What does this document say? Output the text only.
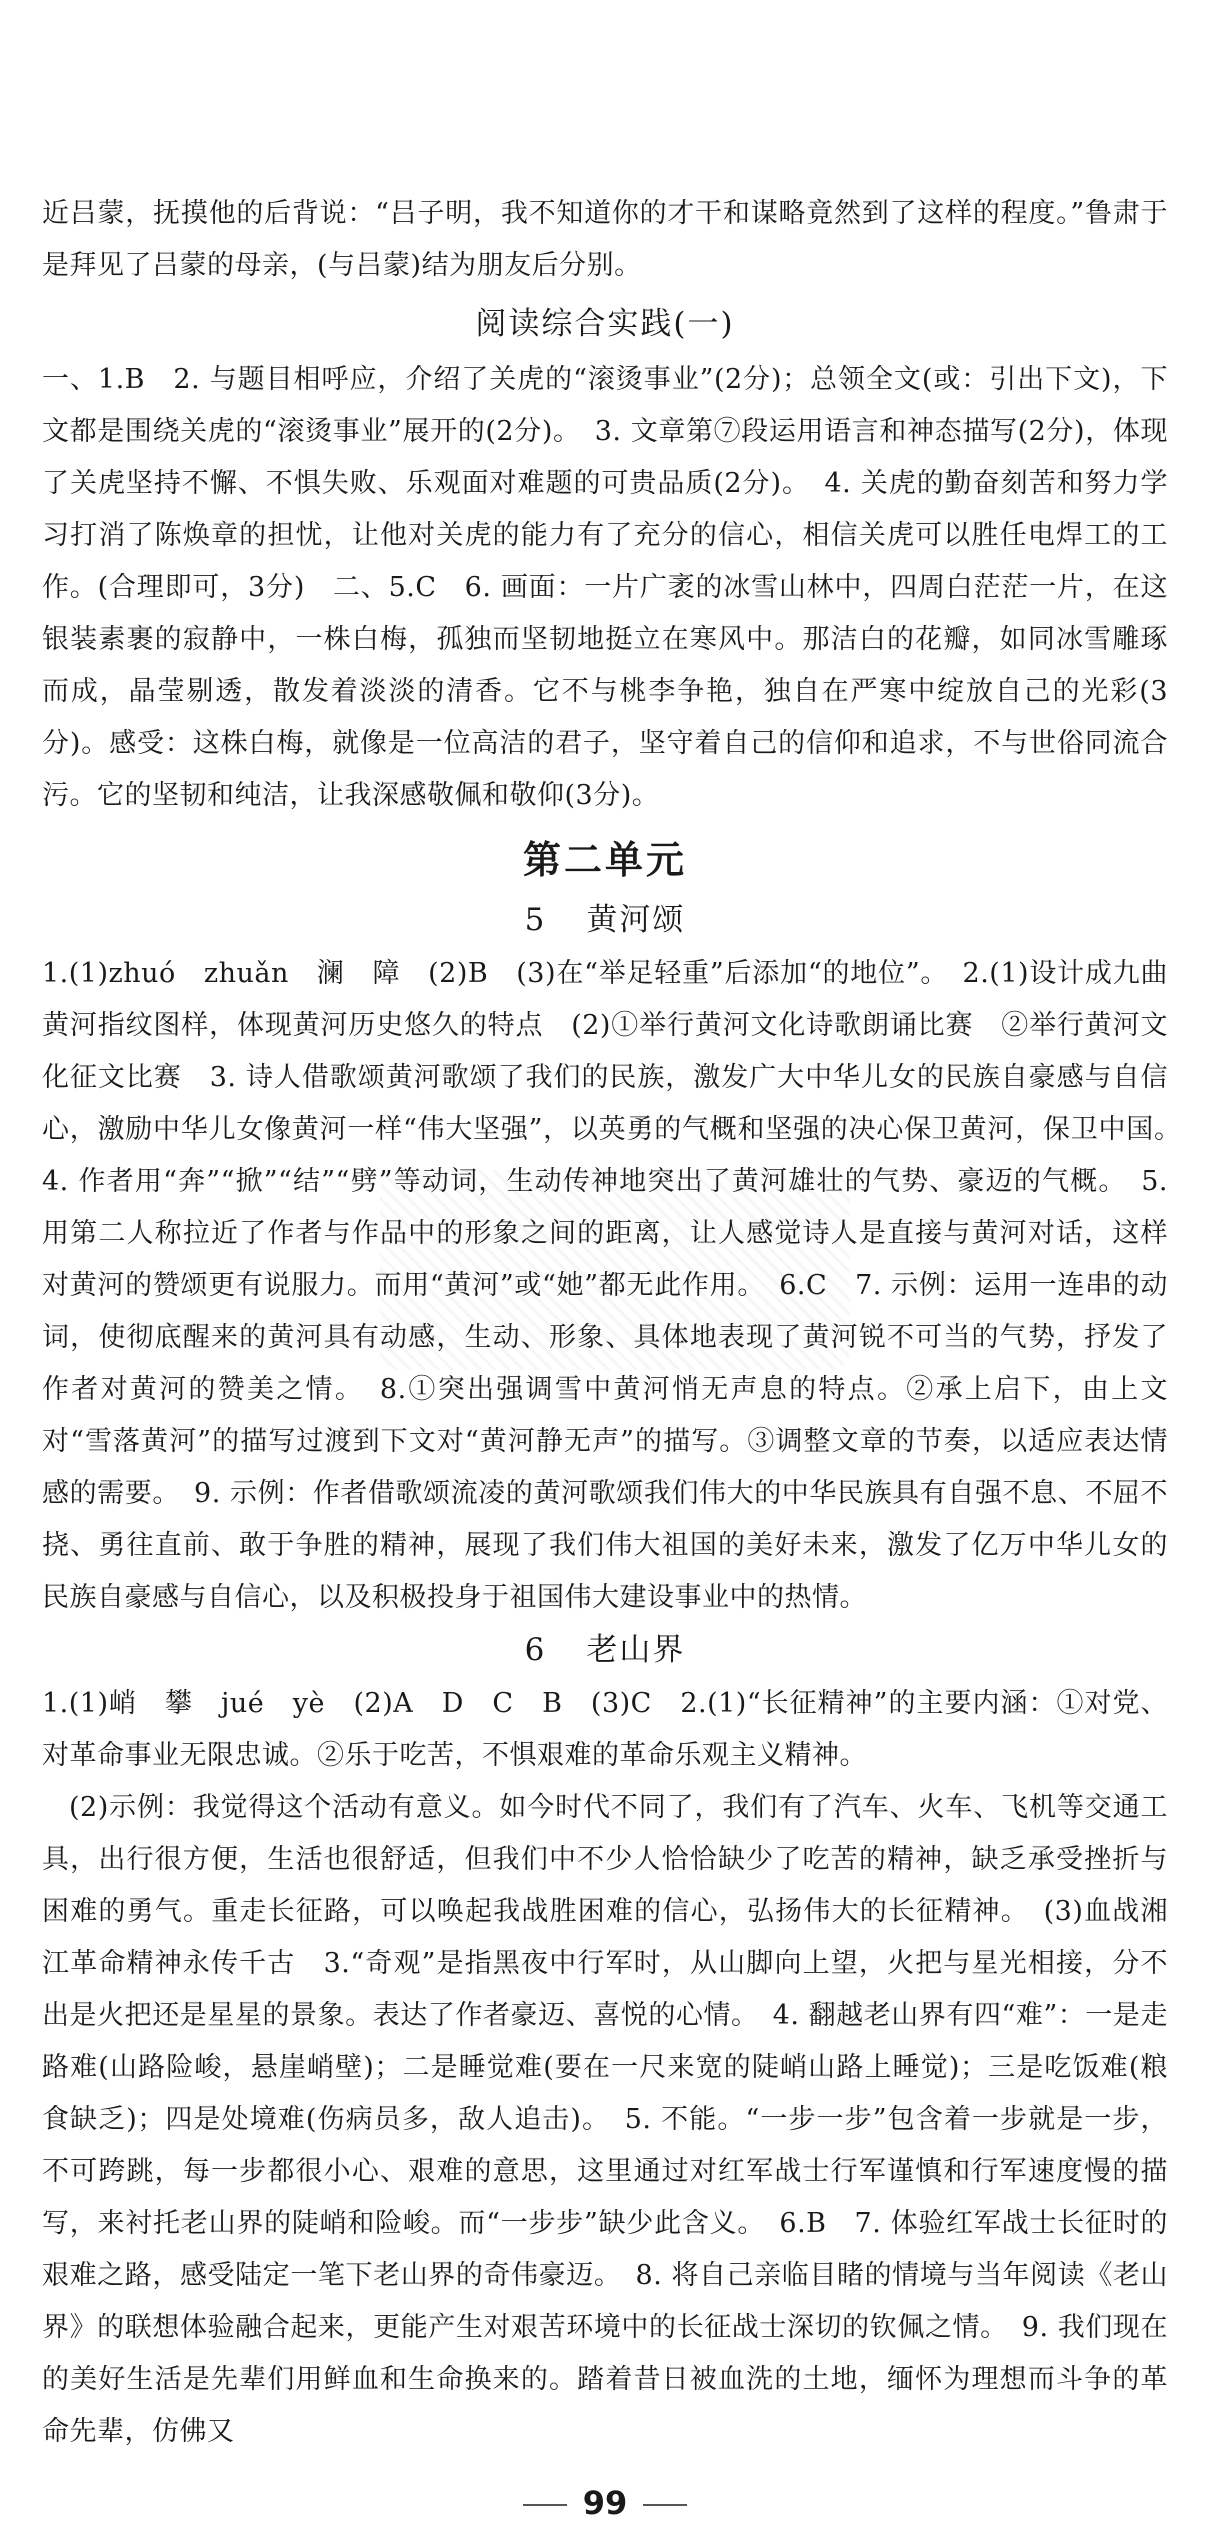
近吕蒙，抚摸他的后背说：“吕子明，我不知道你的才干和谋略竟然到了这样的程度。”鲁肃于是拜见了吕蒙的母亲，(与吕蒙)结为朋友后分别。

阅读综合实践(一)

一、1.B　2. 与题目相呼应，介绍了关虎的“滚烫事业”(2分)；总领全文(或：引出下文)，下文都是围绕关虎的“滚烫事业”展开的(2分)。　3. 文章第⑦段运用语言和神态描写(2分)，体现了关虎坚持不懈、不惧失败、乐观面对难题的可贵品质(2分)。　4. 关虎的勤奋刻苦和努力学习打消了陈焕章的担忧，让他对关虎的能力有了充分的信心，相信关虎可以胜任电焊工的工作。(合理即可，3分)　二、5.C　6. 画面：一片广袤的冰雪山林中，四周白茫茫一片，在这银装素裹的寂静中，一株白梅，孤独而坚韧地挺立在寒风中。那洁白的花瓣，如同冰雪雕琢而成，晶莹剔透，散发着淡淡的清香。它不与桃李争艳，独自在严寒中绽放自己的光彩(3分)。感受：这株白梅，就像是一位高洁的君子，坚守着自己的信仰和追求，不与世俗同流合污。它的坚韧和纯洁，让我深感敬佩和敬仰(3分)。

第二单元
5 黄河颂

1.(1)zhuó　zhuǎn　澜　障　(2)B　(3)在“举足轻重”后添加“的地位”。　2.(1)设计成九曲黄河指纹图样，体现黄河历史悠久的特点　(2)①举行黄河文化诗歌朗诵比赛　②举行黄河文化征文比赛　3. 诗人借歌颂黄河歌颂了我们的民族，激发广大中华儿女的民族自豪感与自信心，激励中华儿女像黄河一样“伟大坚强”，以英勇的气概和坚强的决心保卫黄河，保卫中国。　4. 作者用“奔”“掀”“结”“劈”等动词，生动传神地突出了黄河雄壮的气势、豪迈的气概。　5. 用第二人称拉近了作者与作品中的形象之间的距离，让人感觉诗人是直接与黄河对话，这样对黄河的赞颂更有说服力。而用“黄河”或“她”都无此作用。　6.C　7. 示例：运用一连串的动词，使彻底醒来的黄河具有动感，生动、形象、具体地表现了黄河锐不可当的气势，抒发了作者对黄河的赞美之情。　8.①突出强调雪中黄河悄无声息的特点。②承上启下，由上文对“雪落黄河”的描写过渡到下文对“黄河静无声”的描写。③调整文章的节奏，以适应表达情感的需要。　9. 示例：作者借歌颂流凌的黄河歌颂我们伟大的中华民族具有自强不息、不屈不挠、勇往直前、敢于争胜的精神，展现了我们伟大祖国的美好未来，激发了亿万中华儿女的民族自豪感与自信心，以及积极投身于祖国伟大建设事业中的热情。

6 老山界

1.(1)峭　攀　jué　yè　(2)A　D　C　B　(3)C　2.(1)“长征精神”的主要内涵：①对党、对革命事业无限忠诚。②乐于吃苦，不惧艰难的革命乐观主义精神。

(2)示例：我觉得这个活动有意义。如今时代不同了，我们有了汽车、火车、飞机等交通工具，出行很方便，生活也很舒适，但我们中不少人恰恰缺少了吃苦的精神，缺乏承受挫折与困难的勇气。重走长征路，可以唤起我战胜困难的信心，弘扬伟大的长征精神。　(3)血战湘江革命精神永传千古　3.“奇观”是指黑夜中行军时，从山脚向上望，火把与星光相接，分不出是火把还是星星的景象。表达了作者豪迈、喜悦的心情。　4. 翻越老山界有四“难”：一是走路难(山路险峻，悬崖峭壁)；二是睡觉难(要在一尺来宽的陡峭山路上睡觉)；三是吃饭难(粮食缺乏)；四是处境难(伤病员多，敌人追击)。　5. 不能。“一步一步”包含着一步就是一步，不可跨跳，每一步都很小心、艰难的意思，这里通过对红军战士行军谨慎和行军速度慢的描写，来衬托老山界的陡峭和险峻。而“一步步”缺少此含义。　6.B　7. 体验红军战士长征时的艰难之路，感受陆定一笔下老山界的奇伟豪迈。　8. 将自己亲临目睹的情境与当年阅读《老山界》的联想体验融合起来，更能产生对艰苦环境中的长征战士深切的钦佩之情。　9. 我们现在的美好生活是先辈们用鲜血和生命换来的。踏着昔日被血洗的土地，缅怀为理想而斗争的革命先辈，仿佛又

99
